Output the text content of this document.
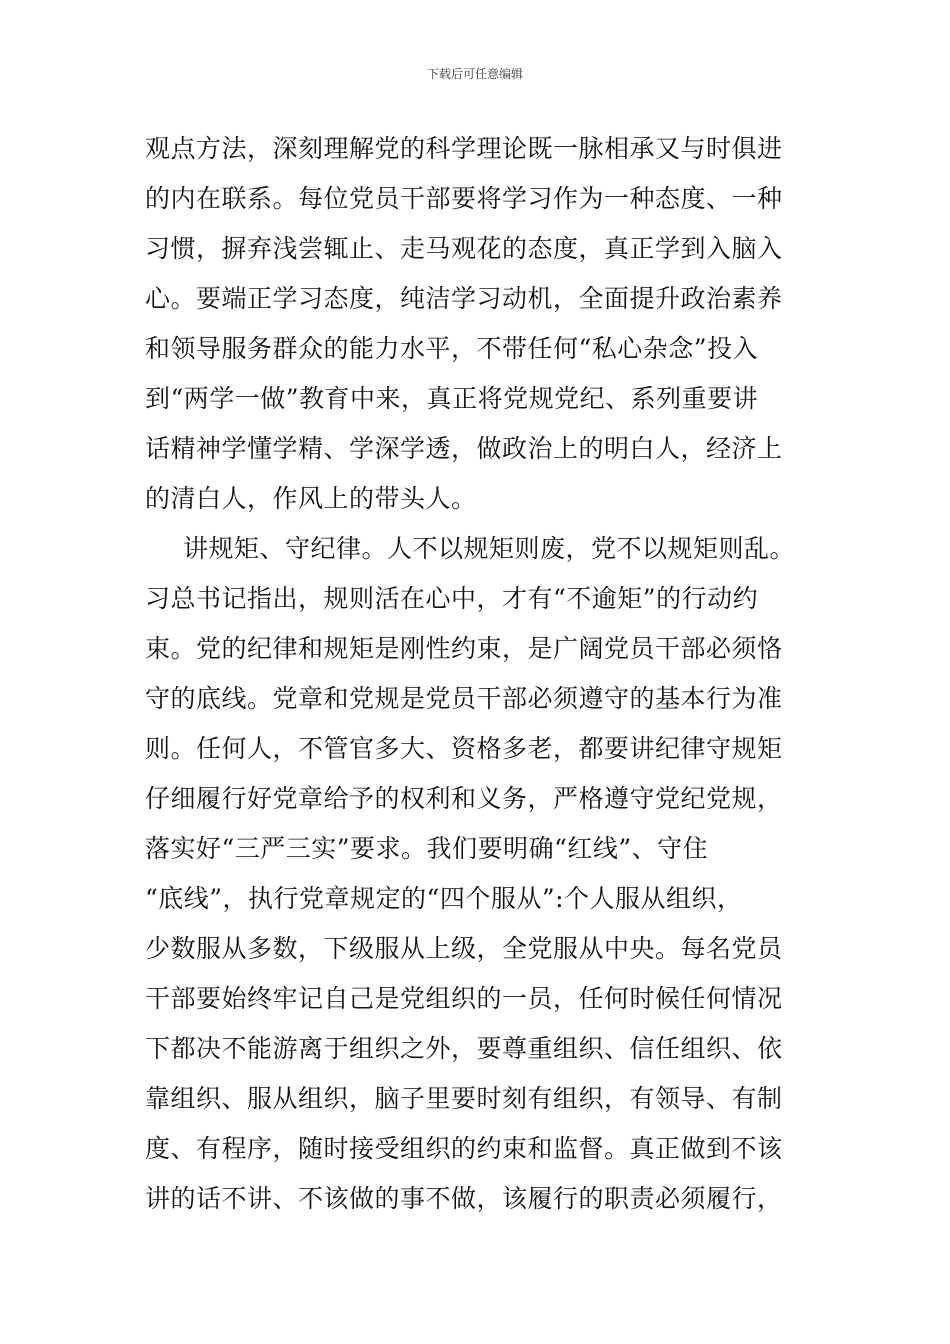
下载后可任意编辑
观点方法，深刻理解党的科学理论既一脉相承又与时俱进
的内在联系。每位党员干部要将学习作为一种态度、一种
习惯，摒弃浅尝辄止、走马观花的态度，真正学到入脑入
心。要端正学习态度，纯洁学习动机，全面提升政治素养
和领导服务群众的能力水平，不带任何“私心杂念”投入
到“两学一做”教育中来，真正将党规党纪、系列重要讲
话精神学懂学精、学深学透，做政治上的明白人，经济上
的清白人，作风上的带头人。
讲规矩、守纪律。人不以规矩则废，党不以规矩则乱。
习总书记指出，规则活在心中，才有“不逾矩”的行动约
束。党的纪律和规矩是刚性约束，是广阔党员干部必须恪
守的底线。党章和党规是党员干部必须遵守的基本行为准
则。任何人，不管官多大、资格多老，都要讲纪律守规矩
仔细履行好党章给予的权利和义务，严格遵守党纪党规，
落实好“三严三实”要求。我们要明确“红线”、守住
“底线”，执行党章规定的“四个服从”:个人服从组织，
少数服从多数，下级服从上级，全党服从中央。每名党员
干部要始终牢记自己是党组织的一员，任何时候任何情况
下都决不能游离于组织之外，要尊重组织、信任组织、依
靠组织、服从组织，脑子里要时刻有组织，有领导、有制
度、有程序，随时接受组织的约束和监督。真正做到不该
讲的话不讲、不该做的事不做，该履行的职责必须履行，
